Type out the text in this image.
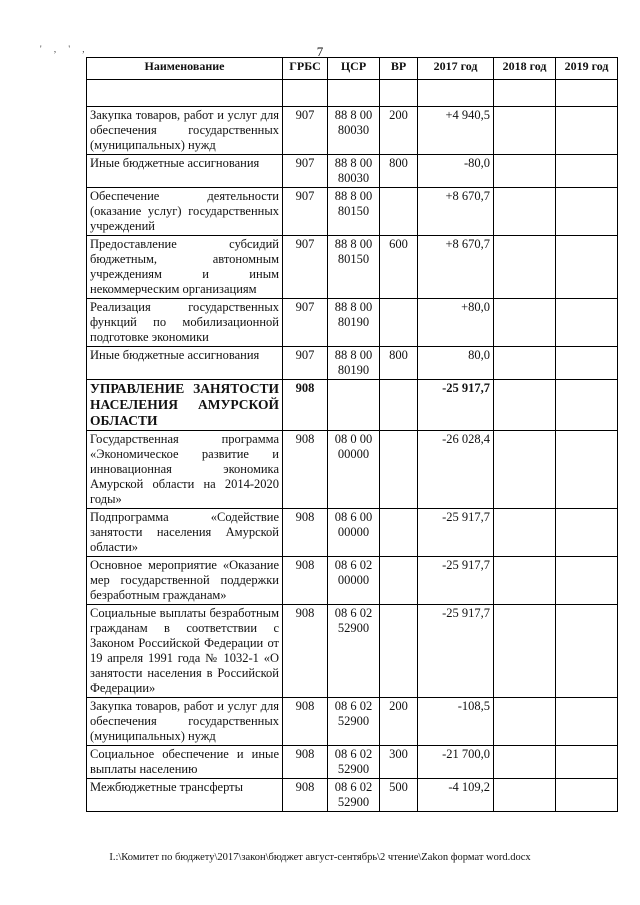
' , ' ,	7
Наименование	ГРБС	ЦСР	ВР	2017 год	2018 год	2019 год

Закупка товаров, работ и услуг для обеспечения государственных (муниципальных) нужд	907	88 8 00 80030	200	+4 940,5		
Иные бюджетные ассигнования	907	88 8 00 80030	800	-80,0		
Обеспечение деятельности (оказание услуг) государственных учреждений	907	88 8 00 80150		+8 670,7		
Предоставление субсидий бюджетным, автономным учреждениям и иным некоммерческим организациям	907	88 8 00 80150	600	+8 670,7		
Реализация государственных функций по мобилизационной подготовке экономики	907	88 8 00 80190		+80,0		
Иные бюджетные ассигнования	907	88 8 00 80190	800	80,0		
УПРАВЛЕНИЕ ЗАНЯТОСТИ НАСЕЛЕНИЯ АМУРСКОЙ ОБЛАСТИ	908			-25 917,7		
Государственная программа «Экономическое развитие и инновационная экономика Амурской области на 2014-2020 годы»	908	08 0 00 00000		-26 028,4		
Подпрограмма «Содействие занятости населения Амурской области»	908	08 6 00 00000		-25 917,7		
Основное мероприятие «Оказание мер государственной поддержки безработным гражданам»	908	08 6 02 00000		-25 917,7		
Социальные выплаты безработным гражданам в соответствии с Законом Российской Федерации от 19 апреля 1991 года № 1032-1 «О занятости населения в Российской Федерации»	908	08 6 02 52900		-25 917,7		
Закупка товаров, работ и услуг для обеспечения государственных (муниципальных) нужд	908	08 6 02 52900	200	-108,5		
Социальное обеспечение и иные выплаты населению	908	08 6 02 52900	300	-21 700,0		
Межбюджетные трансферты	908	08 6 02 52900	500	-4 109,2		
I.:\Комитет по бюджету\2017\закон\бюджет август-сентябрь\2 чтение\Zakon формат word.docx
